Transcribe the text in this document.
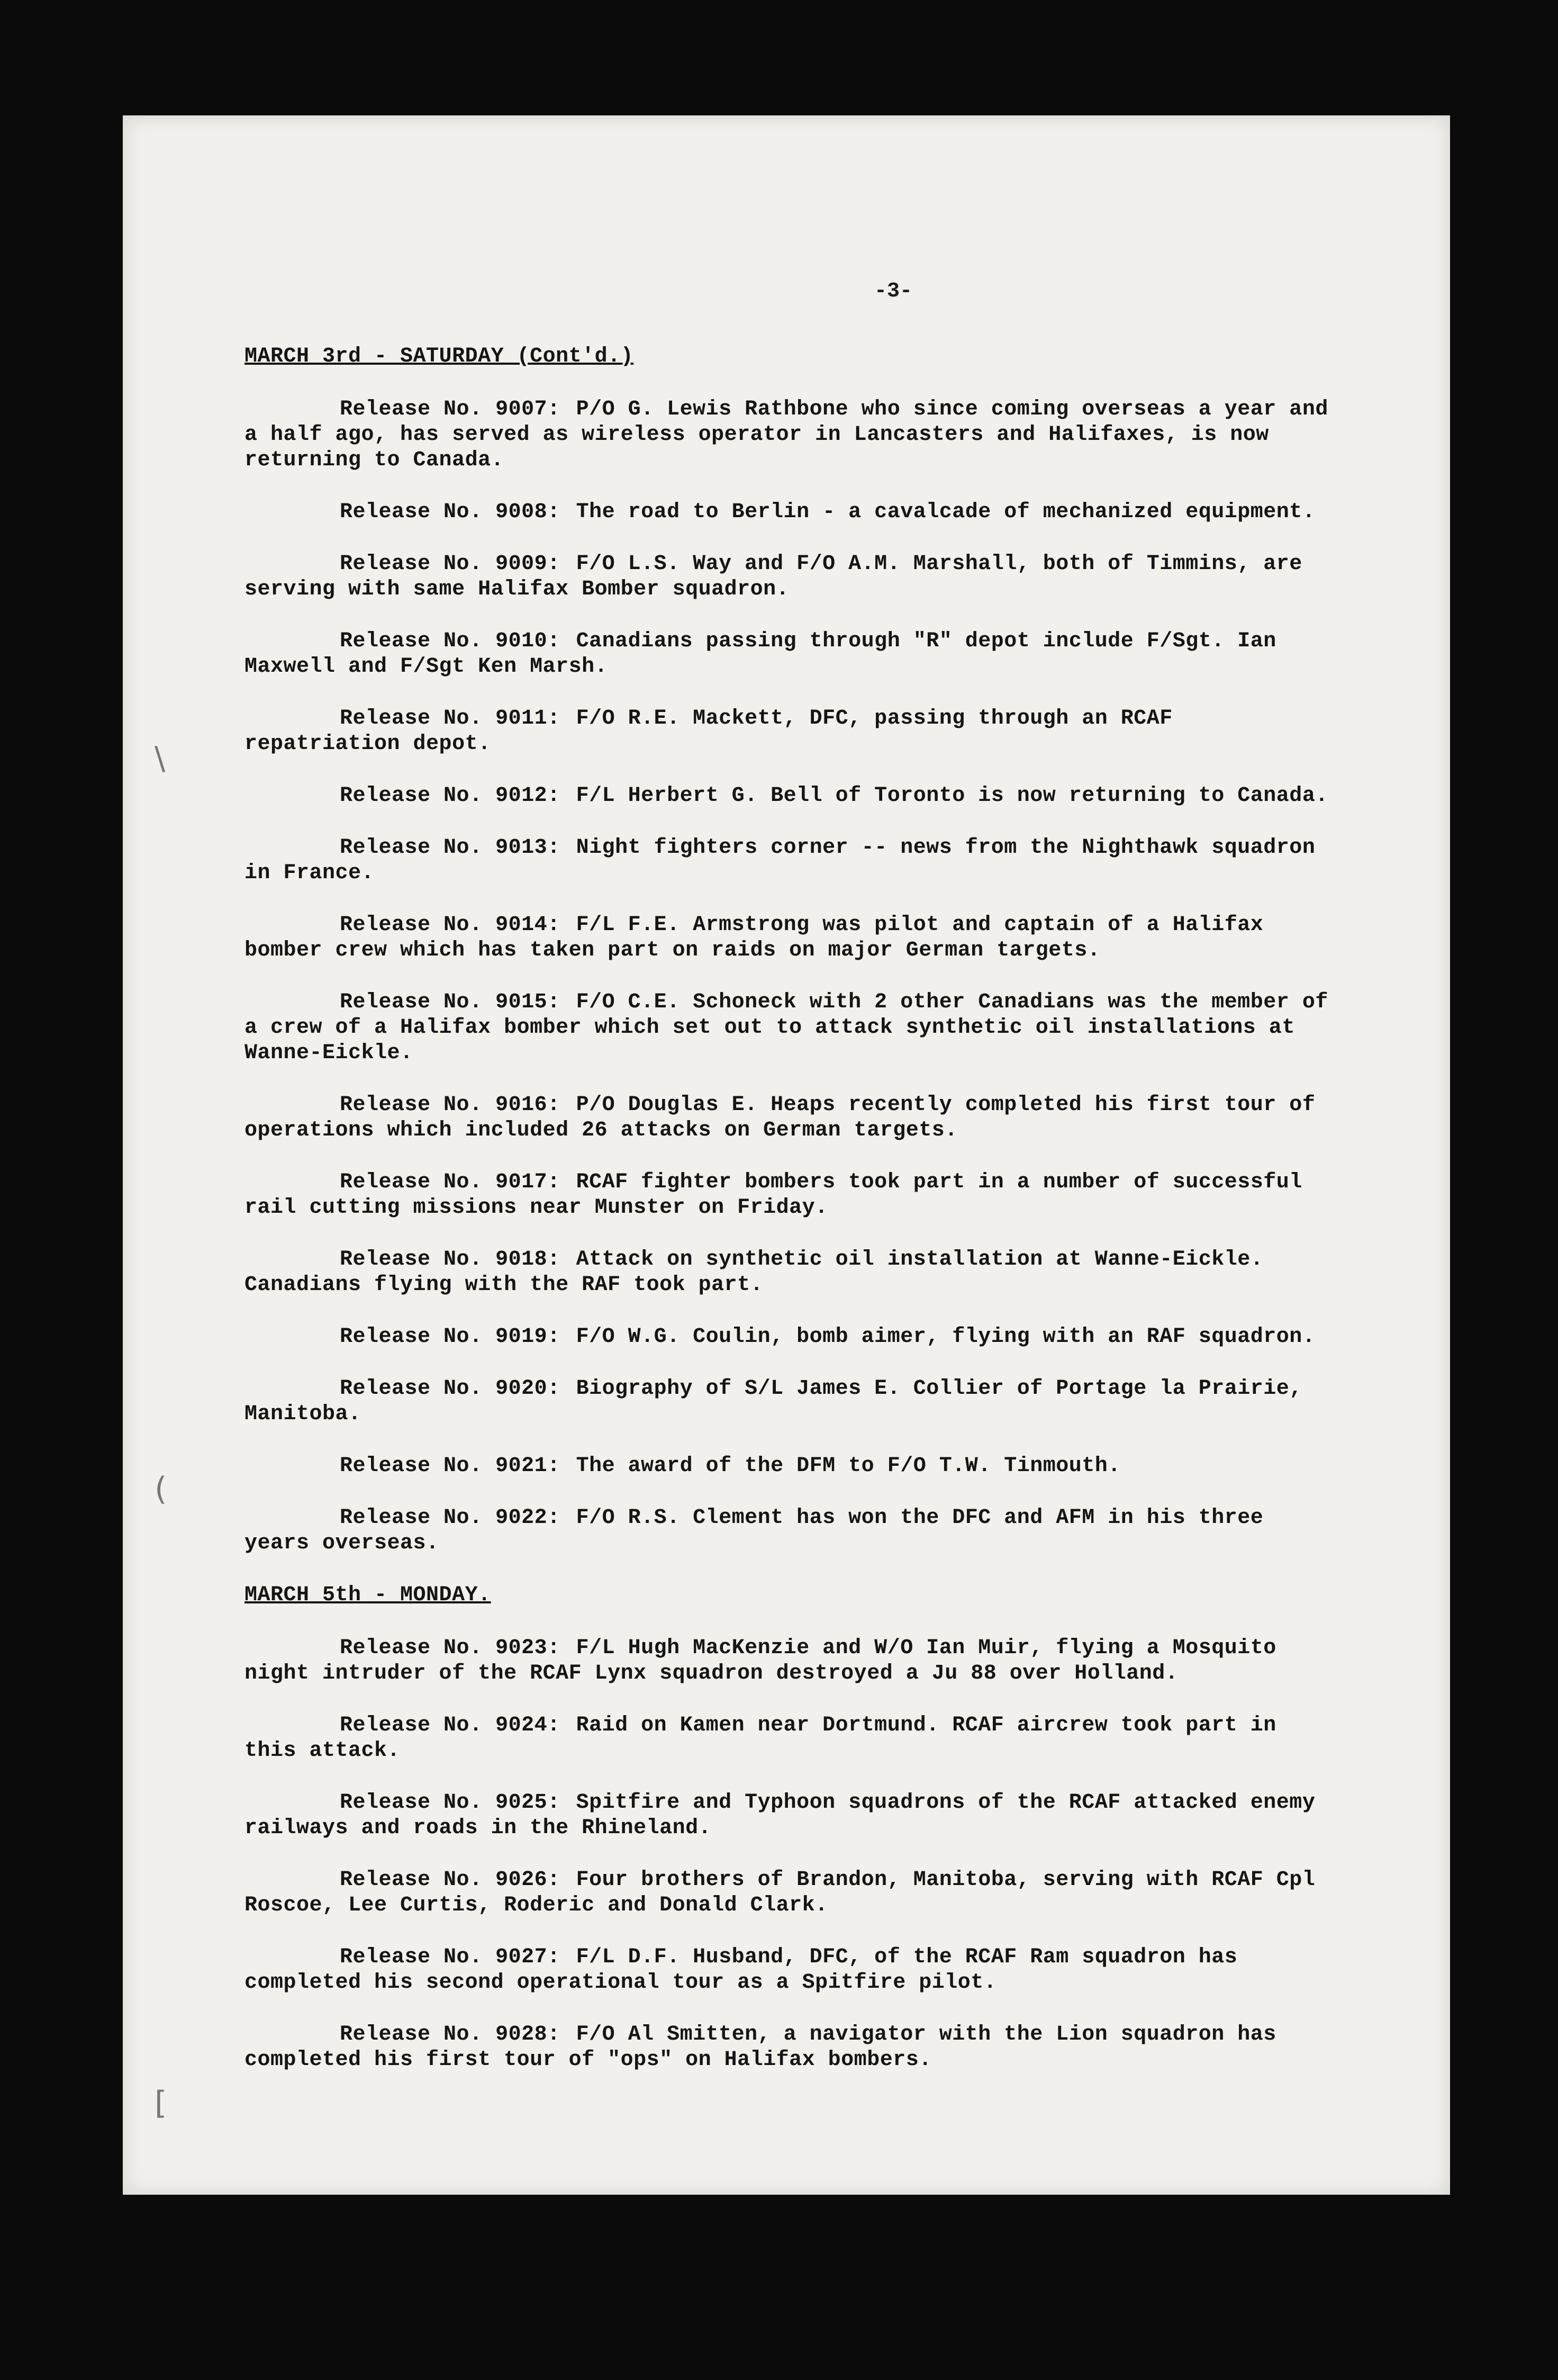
-3-

MARCH 3rd - SATURDAY (Cont'd.)

Release No. 9007: P/O G. Lewis Rathbone who since coming overseas a year and a half ago, has served as wireless operator in Lancasters and Halifaxes, is now returning to Canada.

Release No. 9008: The road to Berlin - a cavalcade of mechanized equipment.

Release No. 9009: F/O L.S. Way and F/O A.M. Marshall, both of Timmins, are serving with same Halifax Bomber squadron.

Release No. 9010: Canadians passing through "R" depot include F/Sgt. Ian Maxwell and F/Sgt Ken Marsh.

Release No. 9011: F/O R.E. Mackett, DFC, passing through an RCAF repatriation depot.

Release No. 9012: F/L Herbert G. Bell of Toronto is now returning to Canada.

Release No. 9013: Night fighters corner -- news from the Nighthawk squadron in France.

Release No. 9014: F/L F.E. Armstrong was pilot and captain of a Halifax bomber crew which has taken part on raids on major German targets.

Release No. 9015: F/O C.E. Schoneck with 2 other Canadians was the member of a crew of a Halifax bomber which set out to attack synthetic oil installations at Wanne-Eickle.

Release No. 9016: P/O Douglas E. Heaps recently completed his first tour of operations which included 26 attacks on German targets.

Release No. 9017: RCAF fighter bombers took part in a number of successful rail cutting missions near Munster on Friday.

Release No. 9018: Attack on synthetic oil installation at Wanne-Eickle. Canadians flying with the RAF took part.

Release No. 9019: F/O W.G. Coulin, bomb aimer, flying with an RAF squadron.

Release No. 9020: Biography of S/L James E. Collier of Portage la Prairie, Manitoba.

Release No. 9021: The award of the DFM to F/O T.W. Tinmouth.

Release No. 9022: F/O R.S. Clement has won the DFC and AFM in his three years overseas.

MARCH 5th - MONDAY.

Release No. 9023: F/L Hugh MacKenzie and W/O Ian Muir, flying a Mosquito night intruder of the RCAF Lynx squadron destroyed a Ju 88 over Holland.

Release No. 9024: Raid on Kamen near Dortmund. RCAF aircrew took part in this attack.

Release No. 9025: Spitfire and Typhoon squadrons of the RCAF attacked enemy railways and roads in the Rhineland.

Release No. 9026: Four brothers of Brandon, Manitoba, serving with RCAF Cpl Roscoe, Lee Curtis, Roderic and Donald Clark.

Release No. 9027: F/L D.F. Husband, DFC, of the RCAF Ram squadron has completed his second operational tour as a Spitfire pilot.

Release No. 9028: F/O Al Smitten, a navigator with the Lion squadron has completed his first tour of "ops" on Halifax bombers.

\
(
[
